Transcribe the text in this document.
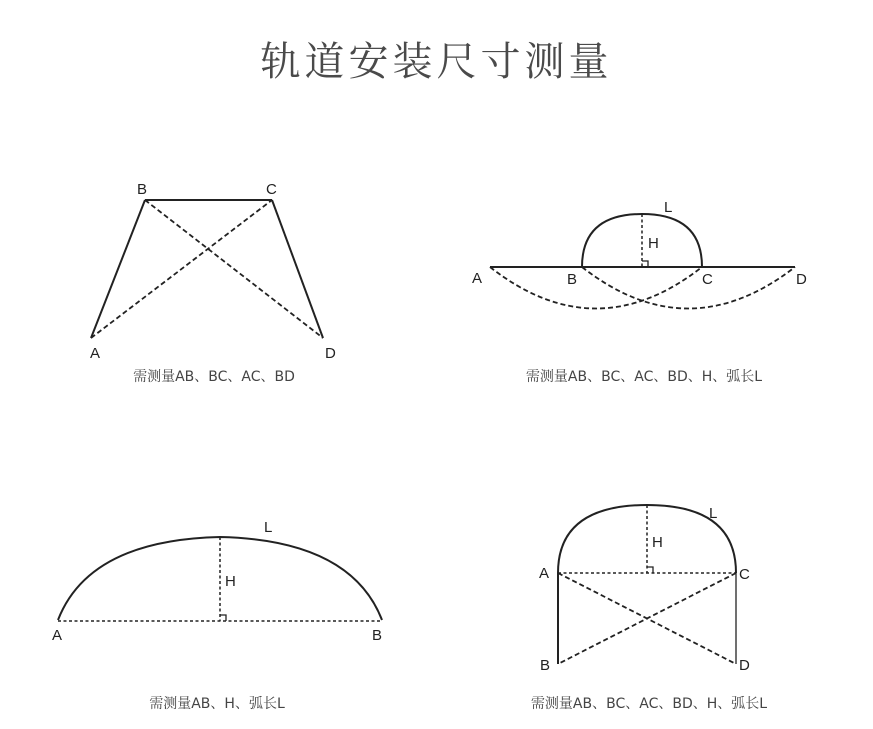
轨道安装尺寸测量
B	C
A	D
需测量AB、BC、AC、BD
A	B	C	D
H
L
需测量AB、BC、AC、BD、H、弧长L
A	B
H
L
需测量AB、H、弧长L
A	C
B	D
H
L
需测量AB、BC、AC、BD、H、弧长L
